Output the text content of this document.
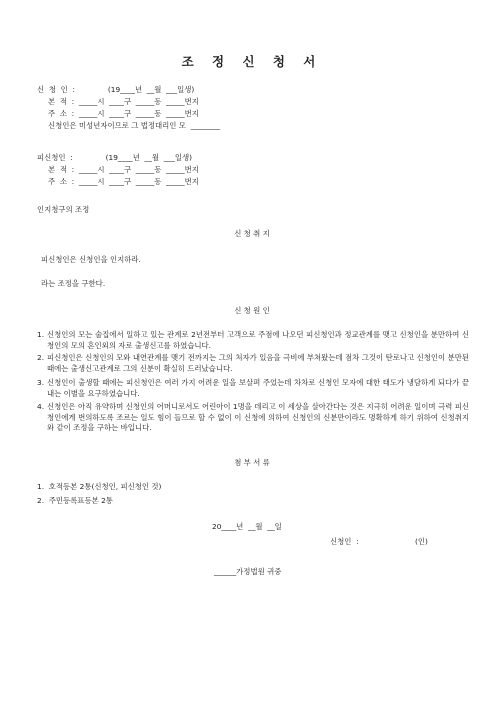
조 정 신 청 서
신  청  인  :              (19____년  __월  ___일생)
본  적  :  _____시  ____구  _____동  _____번지
주  소  :  _____시  ____구  _____동  _____번지
신청인은 미성년자이므로 그 법정대리인 모  ________
피신청인  :              (19____년  __월  ___일생)
본  적  :  _____시  ____구  _____동  _____번지
주  소  :  _____시  ____구  _____동  _____번지
인지청구의 조정
신 청 취 지
피신청인은 신청인을 인지하라.
라는 조정을 구한다.
신 청 원 인
1. 신청인의 모는 술집에서 일하고 있는 관계로 2년전부터 고객으로 주점에 나오던 피신청인과 정교관계를 맺고 신청인을 분만하여 신청인의 모의 혼인외의 자로 출생신고를 하였습니다.
2. 피신청인은 신청인의 모와 내연관계를 맺기 전까지는 그의 처자가 있음을 극비에 부쳐왔는데 점차 그것이 탄로나고 신청인이 분만된 때에는 출생신고관계로 그의 신분이 확실히 드러났습니다.
3. 신청인이 출생할 때에는 피신청인은 여러 가지 어려운 일을 보살펴 주었는데 차차로 신청인 모자에 대한 태도가 냉담하게 되다가 끝내는 이별을 요구하였습니다.
4. 신청인은 아직 유약하며 신청인의 어머니로서도 어린아이 1명을 데리고 이 세상을 살아간다는 것은 지극히 어려운 일이며 극력 피신청인에게 번의하도록 조르는 일도 힘이 들므로 할 수 없이 이 신청에 의하여 신청인의 신분만이라도 명확하게 하기 위하여 신청취지와 같이 조정을 구하는 바입니다.
첨 부 서 류
1.  호적등본 2통(신청인, 피신청인 것)
2.  주민등록표등본 2통
20____년  __월  __일
신청인  :                        (인)
______가정법원 귀중
